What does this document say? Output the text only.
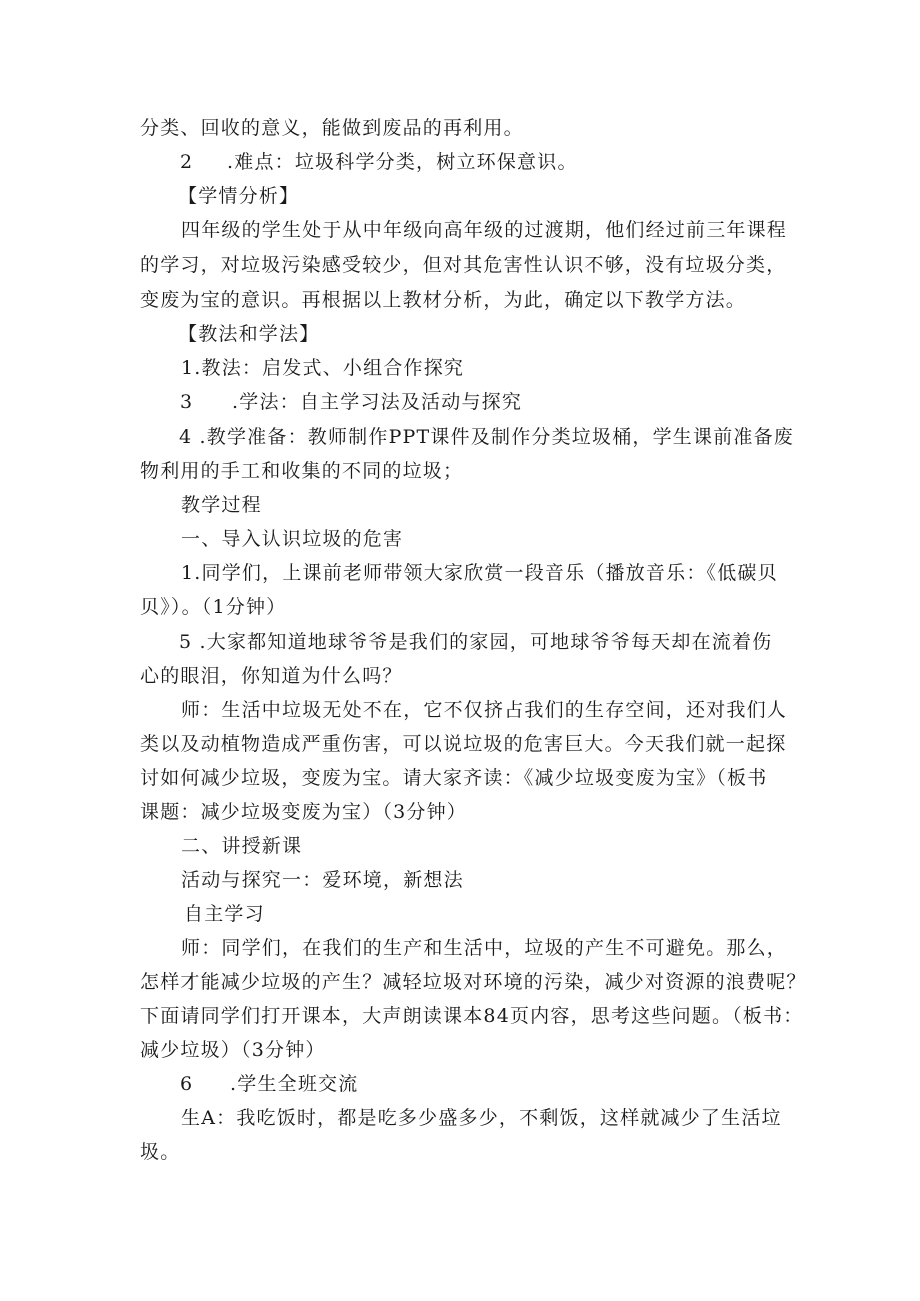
分类、回收的意义，能做到废品的再利用。
2 .难点：垃圾科学分类，树立环保意识。
【学情分析】
四年级的学生处于从中年级向高年级的过渡期，他们经过前三年课程
的学习，对垃圾污染感受较少，但对其危害性认识不够，没有垃圾分类，
变废为宝的意识。再根据以上教材分析，为此，确定以下教学方法。
【教法和学法】
1.教法：启发式、小组合作探究
3 .学法：自主学习法及活动与探究
4 .教学准备：教师制作PPT课件及制作分类垃圾桶，学生课前准备废
物利用的手工和收集的不同的垃圾；
教学过程
一、导入认识垃圾的危害
1.同学们，上课前老师带领大家欣赏一段音乐（播放音乐：《低碳贝
贝》）。（1分钟）
5 .大家都知道地球爷爷是我们的家园，可地球爷爷每天却在流着伤
心的眼泪，你知道为什么吗？
师：生活中垃圾无处不在，它不仅挤占我们的生存空间，还对我们人
类以及动植物造成严重伤害，可以说垃圾的危害巨大。今天我们就一起探
讨如何减少垃圾，变废为宝。请大家齐读：《减少垃圾变废为宝》（板书
课题：减少垃圾变废为宝）（3分钟）
二、讲授新课
活动与探究一：爱环境，新想法
自主学习
师：同学们，在我们的生产和生活中，垃圾的产生不可避免。那么，
怎样才能减少垃圾的产生？减轻垃圾对环境的污染，减少对资源的浪费呢？
下面请同学们打开课本，大声朗读课本84页内容，思考这些问题。（板书：
减少垃圾）（3分钟）
6 .学生全班交流
生A：我吃饭时，都是吃多少盛多少，不剩饭，这样就减少了生活垃
圾。
